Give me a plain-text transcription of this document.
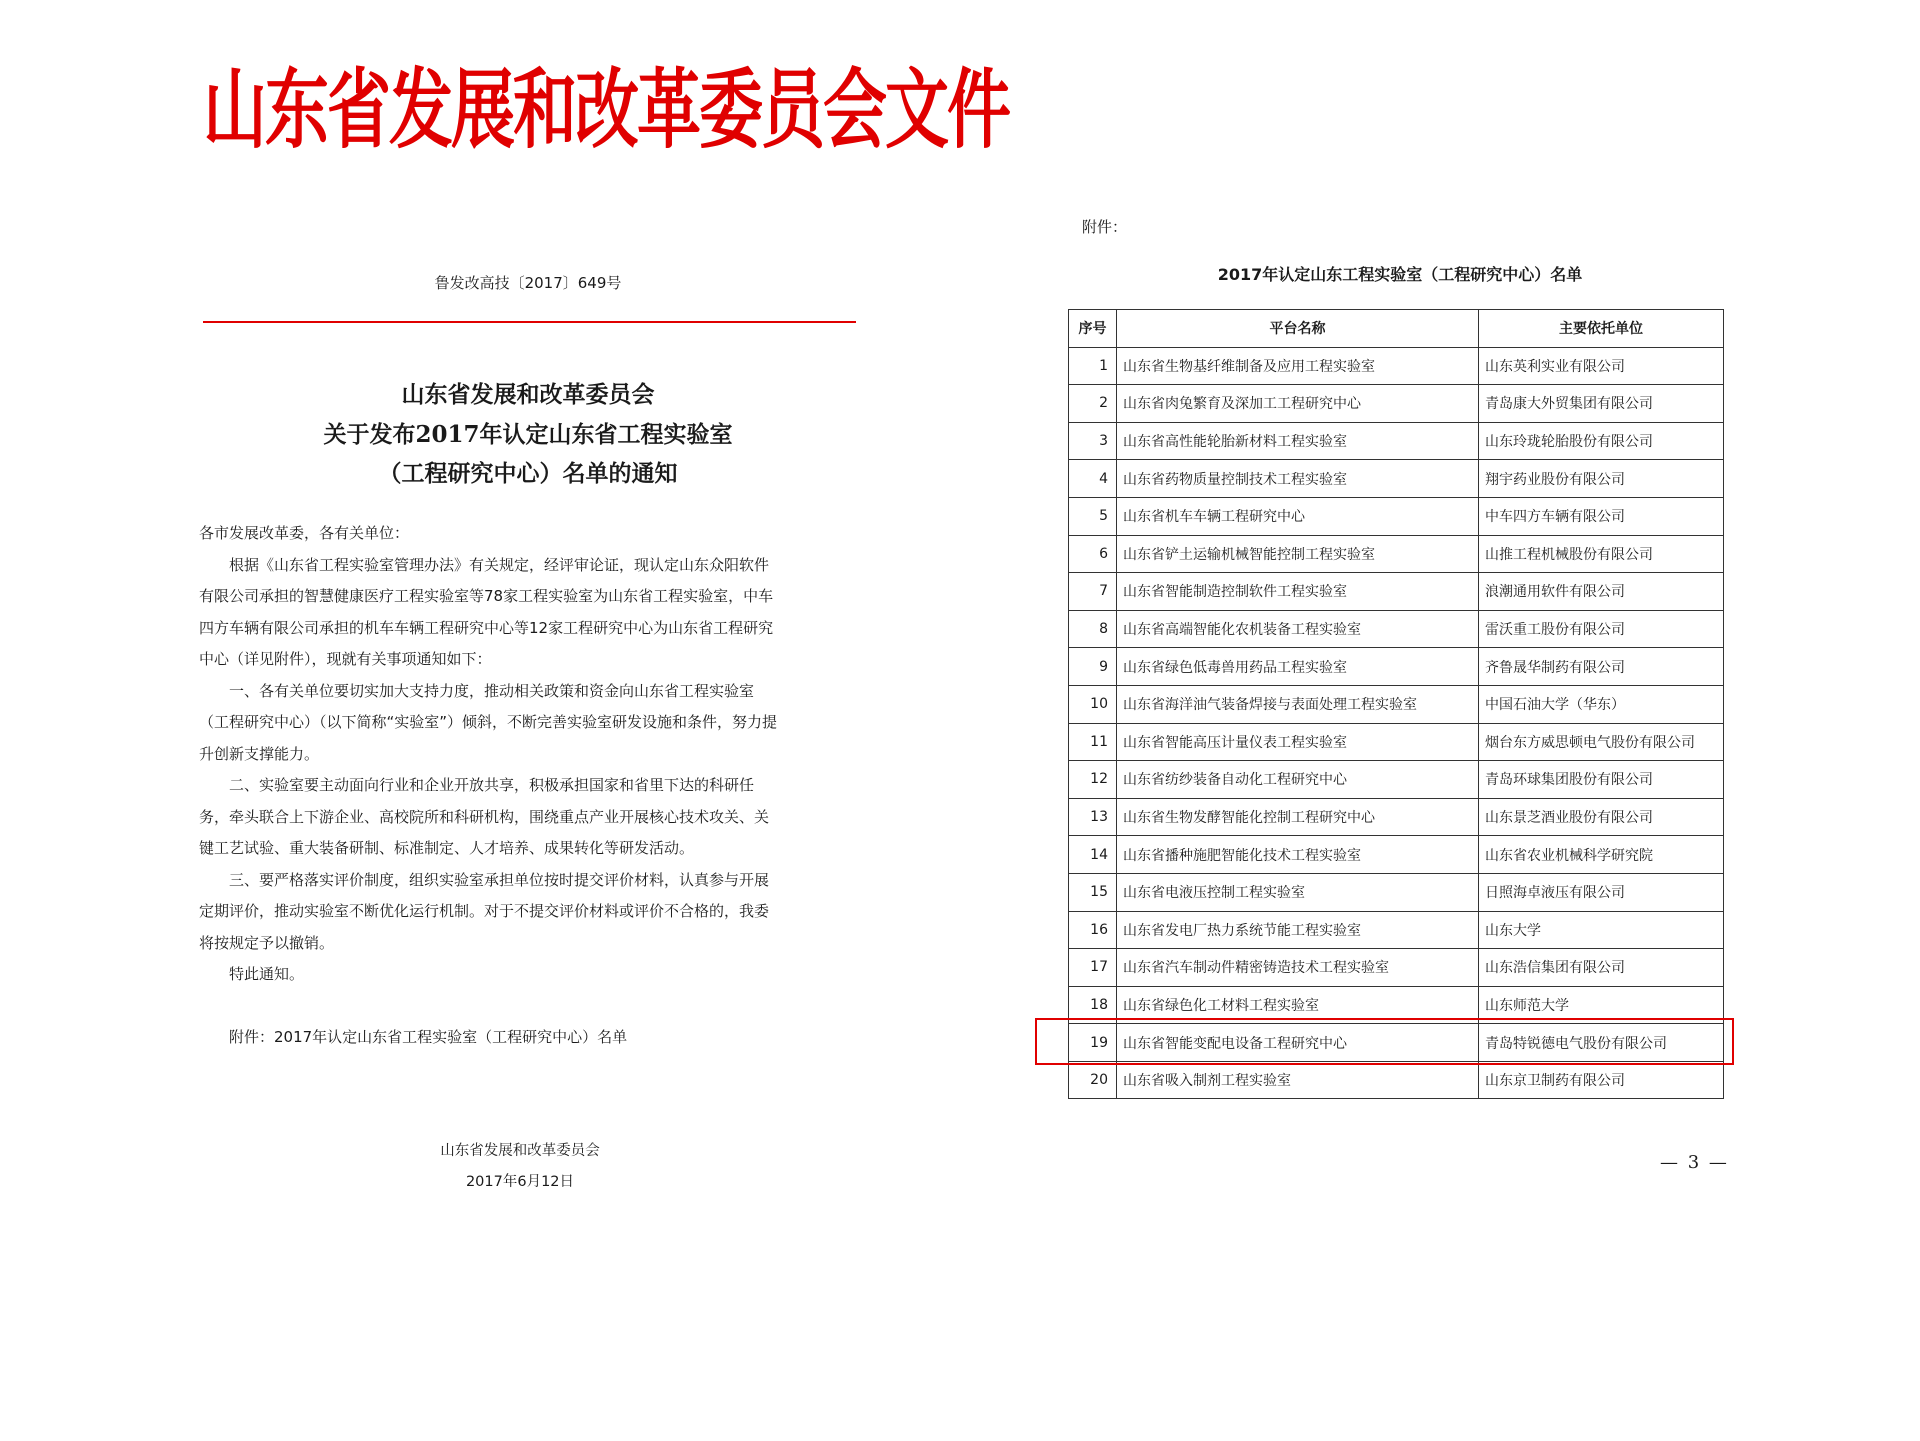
山东省发展和改革委员会文件
鲁发改高技〔2017〕649号
山东省发展和改革委员会
关于发布2017年认定山东省工程实验室
（工程研究中心）名单的通知

各市发展改革委，各有关单位：

根据《山东省工程实验室管理办法》有关规定，经评审论证，现认定山东众阳软件有限公司承担的智慧健康医疗工程实验室等78家工程实验室为山东省工程实验室，中车四方车辆有限公司承担的机车车辆工程研究中心等12家工程研究中心为山东省工程研究中心（详见附件），现就有关事项通知如下：

一、各有关单位要切实加大支持力度，推动相关政策和资金向山东省工程实验室（工程研究中心）（以下简称“实验室”）倾斜，不断完善实验室研发设施和条件，努力提升创新支撑能力。

二、实验室要主动面向行业和企业开放共享，积极承担国家和省里下达的科研任务，牵头联合上下游企业、高校院所和科研机构，围绕重点产业开展核心技术攻关、关键工艺试验、重大装备研制、标准制定、人才培养、成果转化等研发活动。

三、要严格落实评价制度，组织实验室承担单位按时提交评价材料，认真参与开展定期评价，推动实验室不断优化运行机制。对于不提交评价材料或评价不合格的，我委将按规定予以撤销。

特此通知。

附件：2017年认定山东省工程实验室（工程研究中心）名单

山东省发展和改革委员会
2017年6月12日
附件：
2017年认定山东工程实验室（工程研究中心）名单
序号	平台名称	主要依托单位
1	山东省生物基纤维制备及应用工程实验室	山东英利实业有限公司
2	山东省肉兔繁育及深加工工程研究中心	青岛康大外贸集团有限公司
3	山东省高性能轮胎新材料工程实验室	山东玲珑轮胎股份有限公司
4	山东省药物质量控制技术工程实验室	翔宇药业股份有限公司
5	山东省机车车辆工程研究中心	中车四方车辆有限公司
6	山东省铲土运输机械智能控制工程实验室	山推工程机械股份有限公司
7	山东省智能制造控制软件工程实验室	浪潮通用软件有限公司
8	山东省高端智能化农机装备工程实验室	雷沃重工股份有限公司
9	山东省绿色低毒兽用药品工程实验室	齐鲁晟华制药有限公司
10	山东省海洋油气装备焊接与表面处理工程实验室	中国石油大学（华东）
11	山东省智能高压计量仪表工程实验室	烟台东方威思顿电气股份有限公司
12	山东省纺纱装备自动化工程研究中心	青岛环球集团股份有限公司
13	山东省生物发酵智能化控制工程研究中心	山东景芝酒业股份有限公司
14	山东省播种施肥智能化技术工程实验室	山东省农业机械科学研究院
15	山东省电液压控制工程实验室	日照海卓液压有限公司
16	山东省发电厂热力系统节能工程实验室	山东大学
17	山东省汽车制动件精密铸造技术工程实验室	山东浩信集团有限公司
18	山东省绿色化工材料工程实验室	山东师范大学
19	山东省智能变配电设备工程研究中心	青岛特锐德电气股份有限公司
20	山东省吸入制剂工程实验室	山东京卫制药有限公司
— 3 —
